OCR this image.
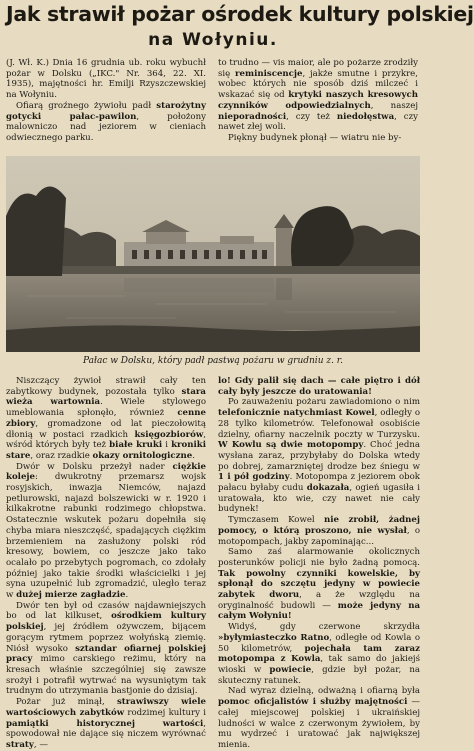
Jak strawił pożar ośrodek kultury polskiej
na Wołyniu.

(J. Wł. K.) Dnia 16 grudnia ub. roku wybuchł pożar w Dolsku („IKC." Nr. 364, 22. XI. 1935), majętności hr. Emilji Rzyszczewskiej na Wołyniu.

Ofiarą groźnego żywiołu padł starożytny gotycki pałac-pawilon, położony malowniczo nad jeziorem w cieniach odwiecznego parku.

to trudno — vis maior, ale po pożarze zrodziły się reminiscencje, jakże smutne i przykre, wobec których nie sposób dziś milczeć i wskazać się od krytyki naszych kresowych czynników odpowiedzialnych, naszej nieporadności, czy też niedołęstwa, czy nawet złej woli.

Piękny budynek płonął — wiatru nie by-

Pałac w Dolsku, który padł pastwą pożaru w grudniu z. r.

Niszczący żywioł strawił cały ten zabytkowy budynek, pozostała tylko stara wieża wartownia. Wiele stylowego umeblowania spłonęło, również cenne zbiory, gromadzone od lat pieczołowitą dłonią w postaci rzadkich księgozbiorów, wśród których były też białe kruki i kroniki stare, oraz rzadkie okazy ornitologiczne.

Dwór w Dolsku przeżył nader ciężkie koleje: dwukrotny przemarsz wojsk rosyjskich, inwazja Niemców, najazd petlurowski, najazd bolszewicki w r. 1920 i kilkakrotne rabunki rodzimego chłopstwa. Ostatecznie wskutek pożaru dopełniła się chyba miara nieszczęść, spadających ciężkim brzemieniem na zasłużony polski ród kresowy, bowiem, co jeszcze jako tako ocalało po przebytych pogromach, co zdołały później jako takie środki właścicielki i jej syna uzupełnić lub zgromadzić, uległo teraz w dużej mierze zagładzie.

Dwór ten był od czasów najdawniejszych bo od lat kilkuset, ośrodkiem kultury polskiej, jej źródłem ożywczem, bijącem gorącym rytmem poprzez wołyńską ziemię. Niósł wysoko sztandar ofiarnej polskiej pracy mimo carskiego reżimu, który na kresach właśnie szczególniej się zawsze srożył i potrafił wytrwać na wysuniętym tak trudnym do utrzymania bastjonie do dzisiaj.

Pożar już minął, strawiwszy wiele wartościowych zabytków rodzimej kultury i pamiątki historycznej wartości, spowodował nie dające się niczem wyrównać straty, —

lo! Gdy palił się dach — całe piętro i dół cały były jeszcze do uratowania!

Po zauważeniu pożaru zawiadomiono o nim telefonicznie natychmiast Kowel, odległy o 28 tylko kilometrów. Telefonował osobiście dzielny, ofiarny naczelnik poczty w Turzysku. W Kowlu są dwie motopompy. Choć jedna wysłana zaraz, przybyłaby do Dolska wtedy po dobrej, zamarzniętej drodze bez śniegu w 1 i pół godziny. Motopompa z jeziorem obok pałacu byłaby cudu dokazała, ogień ugasiła i uratowała, kto wie, czy nawet nie cały budynek!

Tymczasem Kowel nie zrobił, żadnej pomocy, o którą proszono, nie wysłał, o motopompach, jakby zapominając...

Samo zaś alarmowanie okolicznych posterunków policji nie było żadną pomocą. Tak powolny czynniki kowelskie, by spłonął do szczętu jedyny w powiecie zabytek dworu, a że względu na oryginalność budowli — może jedyny na całym Wołyniu!

Widyś, gdy czerwone skrzydła »byłymiasteczko Ratno, odległe od Kowla o 50 kilometrów, pojechała tam zaraz motopompa z Kowla, tak samo do jakiejś wioski w powiecie, gdzie był pożar, na skuteczny ratunek.

Nad wyraz dzielną, odważną i ofiarną była pomoc oficjalistów i służby majętności — całej miejscowej polskiej i ukraińskiej ludności w walce z czerwonym żywiołem, by mu wydrzeć i uratować jak największej mienia.
